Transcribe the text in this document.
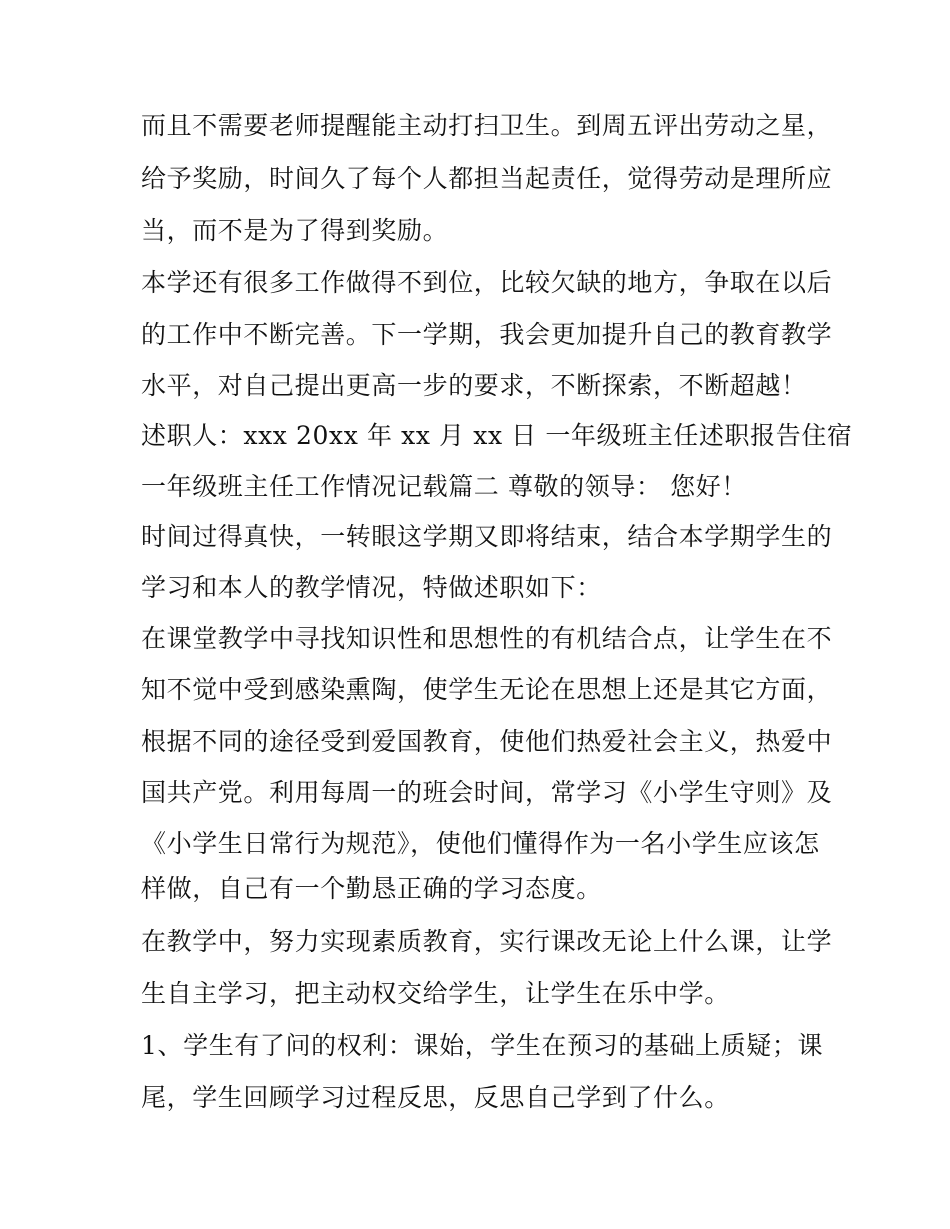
而且不需要老师提醒能主动打扫卫生。到周五评出劳动之星，
给予奖励，时间久了每个人都担当起责任，觉得劳动是理所应
当，而不是为了得到奖励。
本学还有很多工作做得不到位，比较欠缺的地方，争取在以后
的工作中不断完善。下一学期，我会更加提升自己的教育教学
水平，对自己提出更高一步的要求，不断探索，不断超越！
述职人：xxx 20xx 年 xx 月 xx 日 一年级班主任述职报告住宿
一年级班主任工作情况记载篇二 尊敬的领导： 您好！
时间过得真快，一转眼这学期又即将结束，结合本学期学生的
学习和本人的教学情况，特做述职如下：
在课堂教学中寻找知识性和思想性的有机结合点，让学生在不
知不觉中受到感染熏陶，使学生无论在思想上还是其它方面，
根据不同的途径受到爱国教育，使他们热爱社会主义，热爱中
国共产党。利用每周一的班会时间，常学习《小学生守则》及
《小学生日常行为规范》，使他们懂得作为一名小学生应该怎
样做，自己有一个勤恳正确的学习态度。
在教学中，努力实现素质教育，实行课改无论上什么课，让学
生自主学习，把主动权交给学生，让学生在乐中学。
1、学生有了问的权利：课始，学生在预习的基础上质疑；课
尾，学生回顾学习过程反思，反思自己学到了什么。
